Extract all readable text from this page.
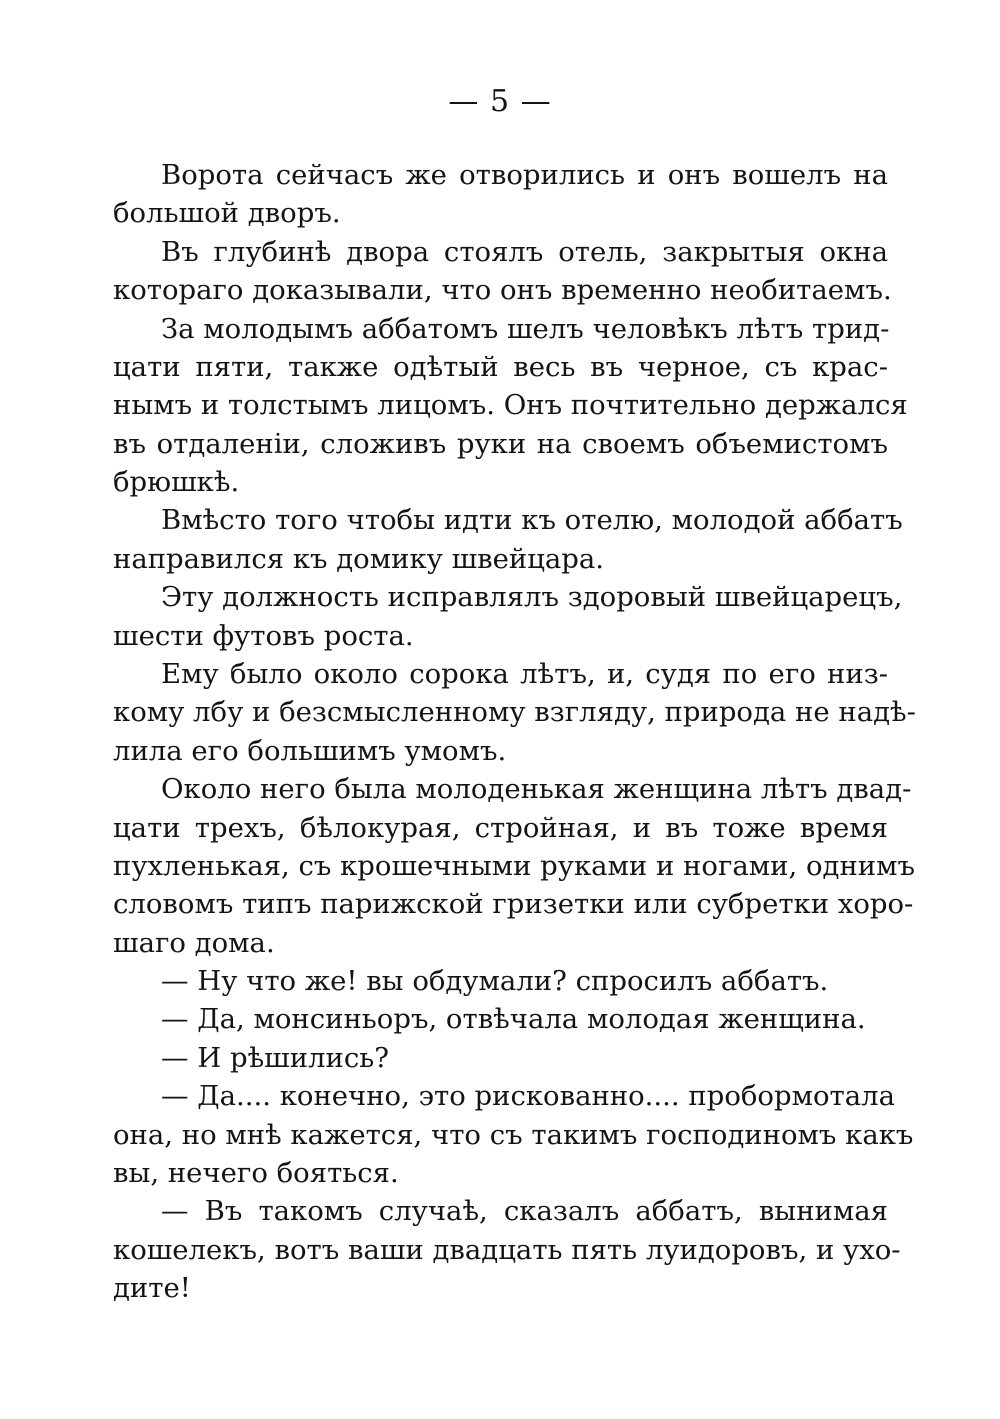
— 5 —
Ворота сейчасъ же отворились и онъ вошелъ на
большой дворъ.
Въ глубинѣ двора стоялъ отель, закрытыя окна
котораго доказывали, что онъ временно необитаемъ.
За молодымъ аббатомъ шелъ человѣкъ лѣтъ трид-
цати пяти, также одѣтый весь въ черное, съ крас-
нымъ и толстымъ лицомъ. Онъ почтительно держался
въ отдаленіи, сложивъ руки на своемъ объемистомъ
брюшкѣ.
Вмѣсто того чтобы идти къ отелю, молодой аббатъ
направился къ домику швейцара.
Эту должность исправлялъ здоровый швейцарецъ,
шести футовъ роста.
Ему было около сорока лѣтъ, и, судя по его низ-
кому лбу и безсмысленному взгляду, природа не надѣ-
лила его большимъ умомъ.
Около него была молоденькая женщина лѣтъ двад-
цати трехъ, бѣлокурая, стройная, и въ тоже время
пухленькая, съ крошечными руками и ногами, однимъ
словомъ типъ парижской гризетки или субретки хоро-
шаго дома.
— Ну что же! вы обдумали? спросилъ аббатъ.
— Да, монсиньоръ, отвѣчала молодая женщина.
— И рѣшились?
— Да.... конечно, это рискованно.... пробормотала
она, но мнѣ кажется, что съ такимъ господиномъ какъ
вы, нечего бояться.
— Въ такомъ случаѣ, сказалъ аббатъ, вынимая
кошелекъ, вотъ ваши двадцать пять луидоровъ, и ухо-
дите!
